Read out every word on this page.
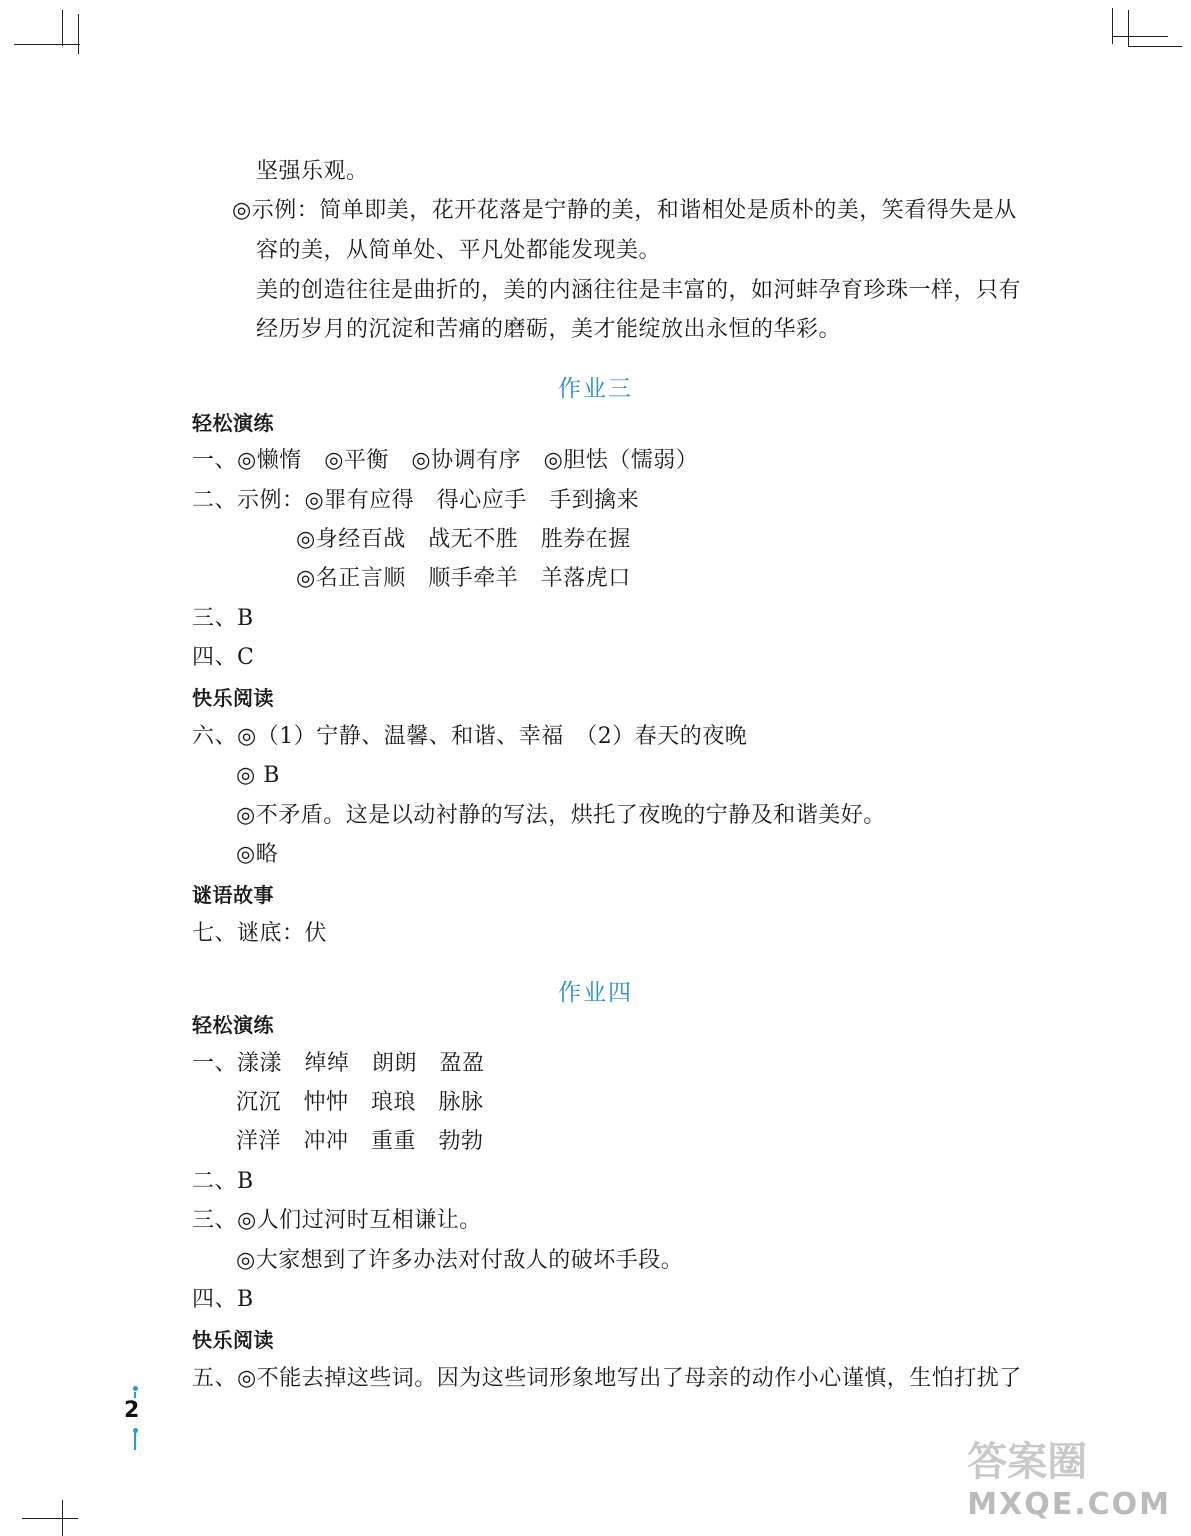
坚强乐观。
◎示例：简单即美，花开花落是宁静的美，和谐相处是质朴的美，笑看得失是从
容的美，从简单处、平凡处都能发现美。
美的创造往往是曲折的，美的内涵往往是丰富的，如河蚌孕育珍珠一样，只有
经历岁月的沉淀和苦痛的磨砺，美才能绽放出永恒的华彩。
作业三
轻松演练
一、◎懒惰　◎平衡　◎协调有序　◎胆怯（懦弱）
二、示例：◎罪有应得　得心应手　手到擒来
◎身经百战　战无不胜　胜券在握
◎名正言顺　顺手牵羊　羊落虎口
三、B
四、C
快乐阅读
六、◎（1）宁静、温馨、和谐、幸福　（2）春天的夜晚
◎ B
◎不矛盾。这是以动衬静的写法，烘托了夜晚的宁静及和谐美好。
◎略
谜语故事
七、谜底：伏
作业四
轻松演练
一、漾漾　绰绰　朗朗　盈盈
沉沉　忡忡　琅琅　脉脉
洋洋　冲冲　重重　勃勃
二、B
三、◎人们过河时互相谦让。
◎大家想到了许多办法对付敌人的破坏手段。
四、B
快乐阅读
五、◎不能去掉这些词。因为这些词形象地写出了母亲的动作小心谨慎，生怕打扰了
2
答案圈
MXQE.COM
